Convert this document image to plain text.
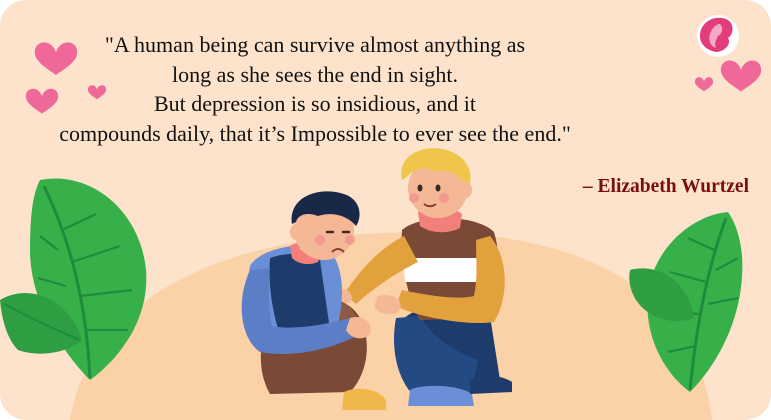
"A human being can survive almost anything as
long as she sees the end in sight.
But depression is so insidious, and it
compounds daily, that it’s Impossible to ever see the end."
– Elizabeth Wurtzel
